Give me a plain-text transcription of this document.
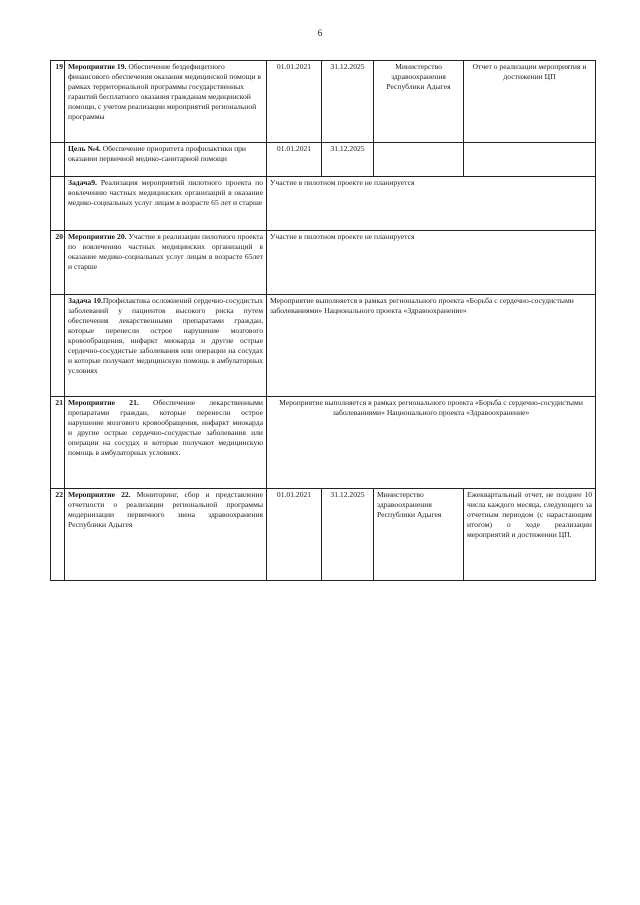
6
19	Мероприятие 19. Обеспечение бездефицитного финансового обеспечения оказания медицинской помощи в рамках территориальной программы государственных гарантий бесплатного оказания гражданам медицинской помощи, с учетом реализации мероприятий региональной программы	01.01.2021	31.12.2025	Министерство здравоохранения Республики Адыгея	Отчет о реализации мероприятия и достижении ЦП
	Цель №4. Обеспечение приоритета профилактики при оказании первичной медико-санитарной помощи	01.01.2021	31.12.2025		
	Задача9. Реализация мероприятий пилотного проекта по вовлечению частных медицинских организаций в оказание медико-социальных услуг лицам в возрасте 65 лет и старше	Участие в пилотном проекте не планируется			
20	Мероприятие 20. Участие в реализации пилотного проекта по вовлечению частных медицинских организаций в оказание медико-социальных услуг лицам в возрасте 65лет и старше	Участие в пилотном проекте не планируется			
	Задача 10.Профилактика осложнений сердечно-сосудистых заболеваний у пациентов высокого риска путем обеспечения лекарственными препаратами граждан, которые перенесли острое нарушение мозгового кровообращения, инфаркт миокарда и другие острые сердечно-сосудистые заболевания или операции на сосудах и которые получают медицинскую помощь в амбулаторных условиях	Мероприятие выполняется в рамках регионального проекта «Борьба с сердечно-сосудистыми заболеваниями» Национального проекта «Здравоохранение»			
21	Мероприятие 21. Обеспечение лекарственными препаратами граждан, которые перенесли острое нарушение мозгового кровообращения, инфаркт миокарда и другие острые сердечно-сосудистые заболевания или операции на сосудах и которые получают медицинскую помощь в амбулаторных условиях.	Мероприятие выполняется в рамках регионального проекта «Борьба с сердечно-сосудистыми заболеваниями» Национального проекта «Здравоохранение»			
22	Мероприятие 22. Мониторинг, сбор и представление отчетности о реализации региональной программы модернизации первичного звена здравоохранения Республики Адыгея	01.01.2021	31.12.2025	Министерство здравоохранения Республики Адыгея	Ежеквартальный отчет, не позднее 10 числа каждого месяца, следующего за отчетным периодом (с нарастающим итогом) о ходе реализации мероприятий и достижении ЦП.
